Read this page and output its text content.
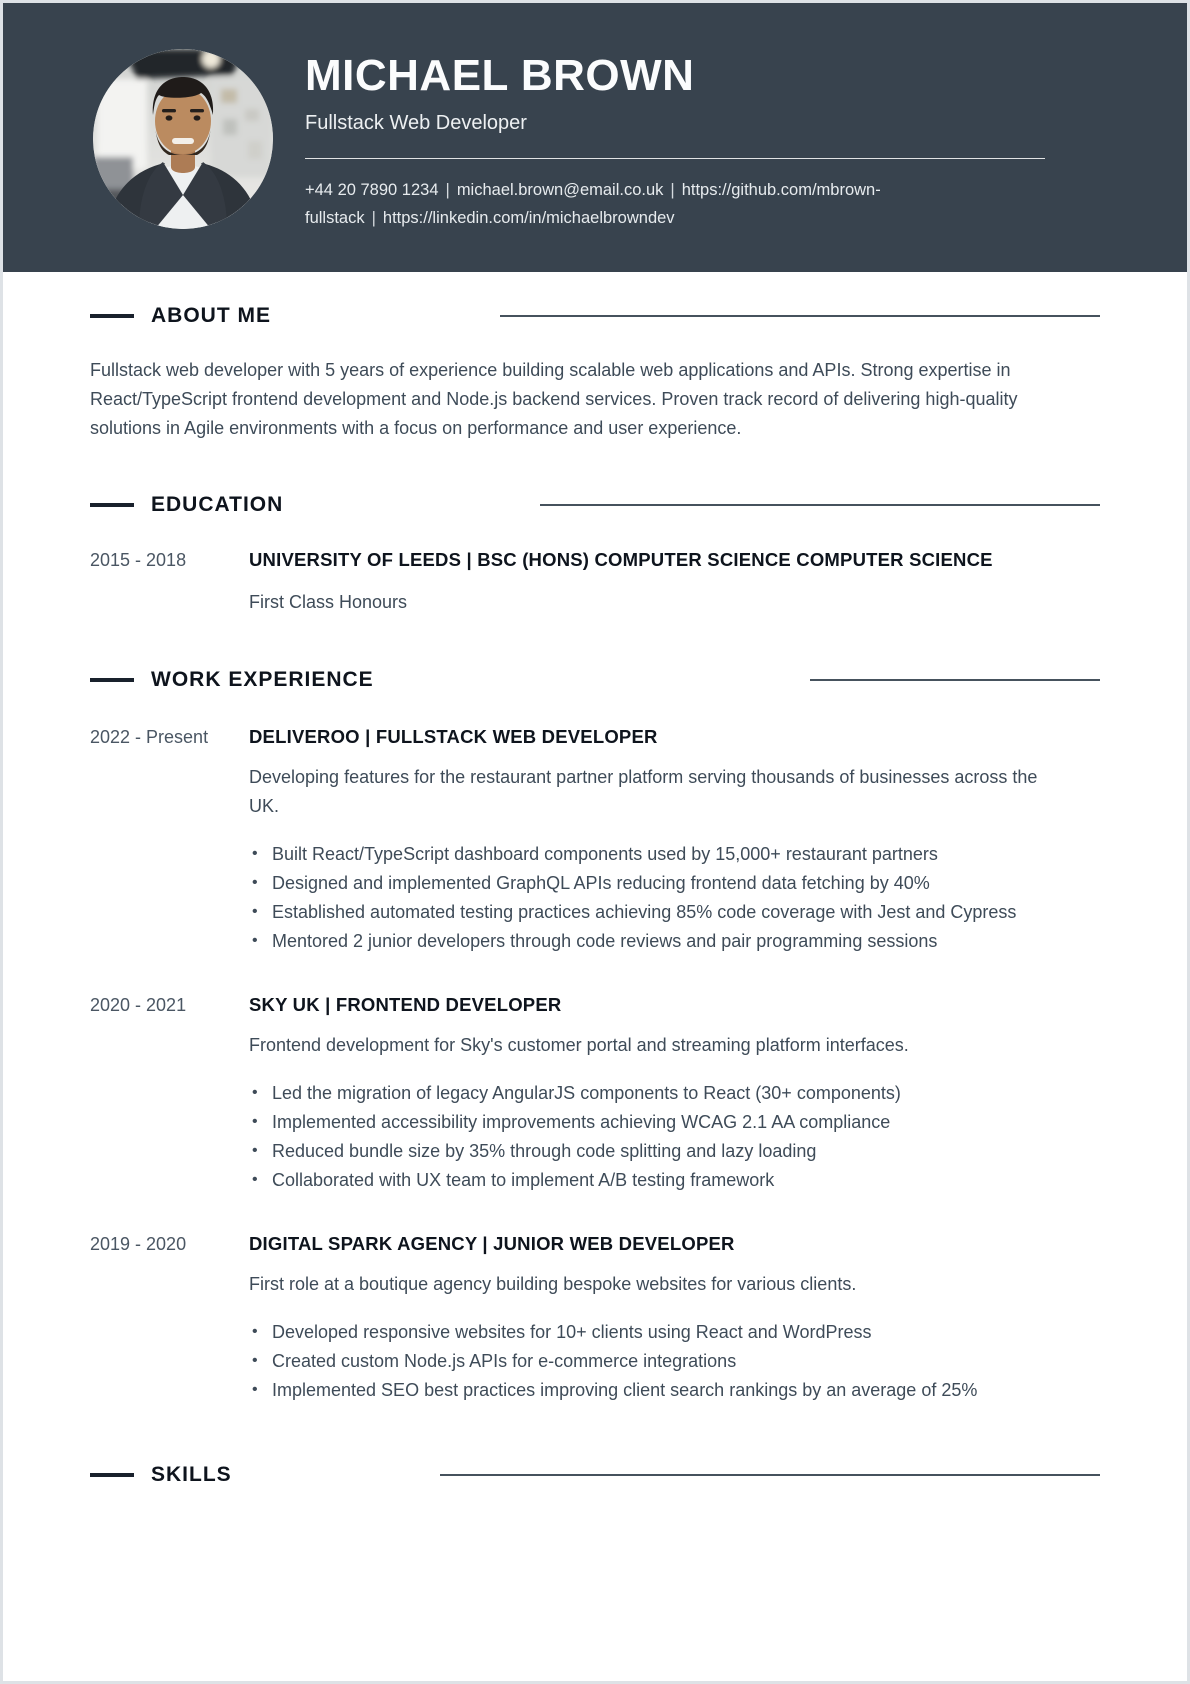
MICHAEL BROWN
Fullstack Web Developer
+44 20 7890 1234 | michael.brown@email.co.uk | https://github.com/mbrown-fullstack | https://linkedin.com/in/michaelbrowndev
ABOUT ME

Fullstack web developer with 5 years of experience building scalable web applications and APIs. Strong expertise in React/TypeScript frontend development and Node.js backend services. Proven track record of delivering high-quality solutions in Agile environments with a focus on performance and user experience.

EDUCATION
2015 - 2018	UNIVERSITY OF LEEDS | BSC (HONS) COMPUTER SCIENCE COMPUTER SCIENCE
First Class Honours
WORK EXPERIENCE
2022 - Present	DELIVEROO | FULLSTACK WEB DEVELOPER
Developing features for the restaurant partner platform serving thousands of businesses across the UK.
• Built React/TypeScript dashboard components used by 15,000+ restaurant partners
• Designed and implemented GraphQL APIs reducing frontend data fetching by 40%
• Established automated testing practices achieving 85% code coverage with Jest and Cypress
• Mentored 2 junior developers through code reviews and pair programming sessions
2020 - 2021	SKY UK | FRONTEND DEVELOPER
Frontend development for Sky's customer portal and streaming platform interfaces.
• Led the migration of legacy AngularJS components to React (30+ components)
• Implemented accessibility improvements achieving WCAG 2.1 AA compliance
• Reduced bundle size by 35% through code splitting and lazy loading
• Collaborated with UX team to implement A/B testing framework
2019 - 2020	DIGITAL SPARK AGENCY | JUNIOR WEB DEVELOPER
First role at a boutique agency building bespoke websites for various clients.
• Developed responsive websites for 10+ clients using React and WordPress
• Created custom Node.js APIs for e-commerce integrations
• Implemented SEO best practices improving client search rankings by an average of 25%
SKILLS
